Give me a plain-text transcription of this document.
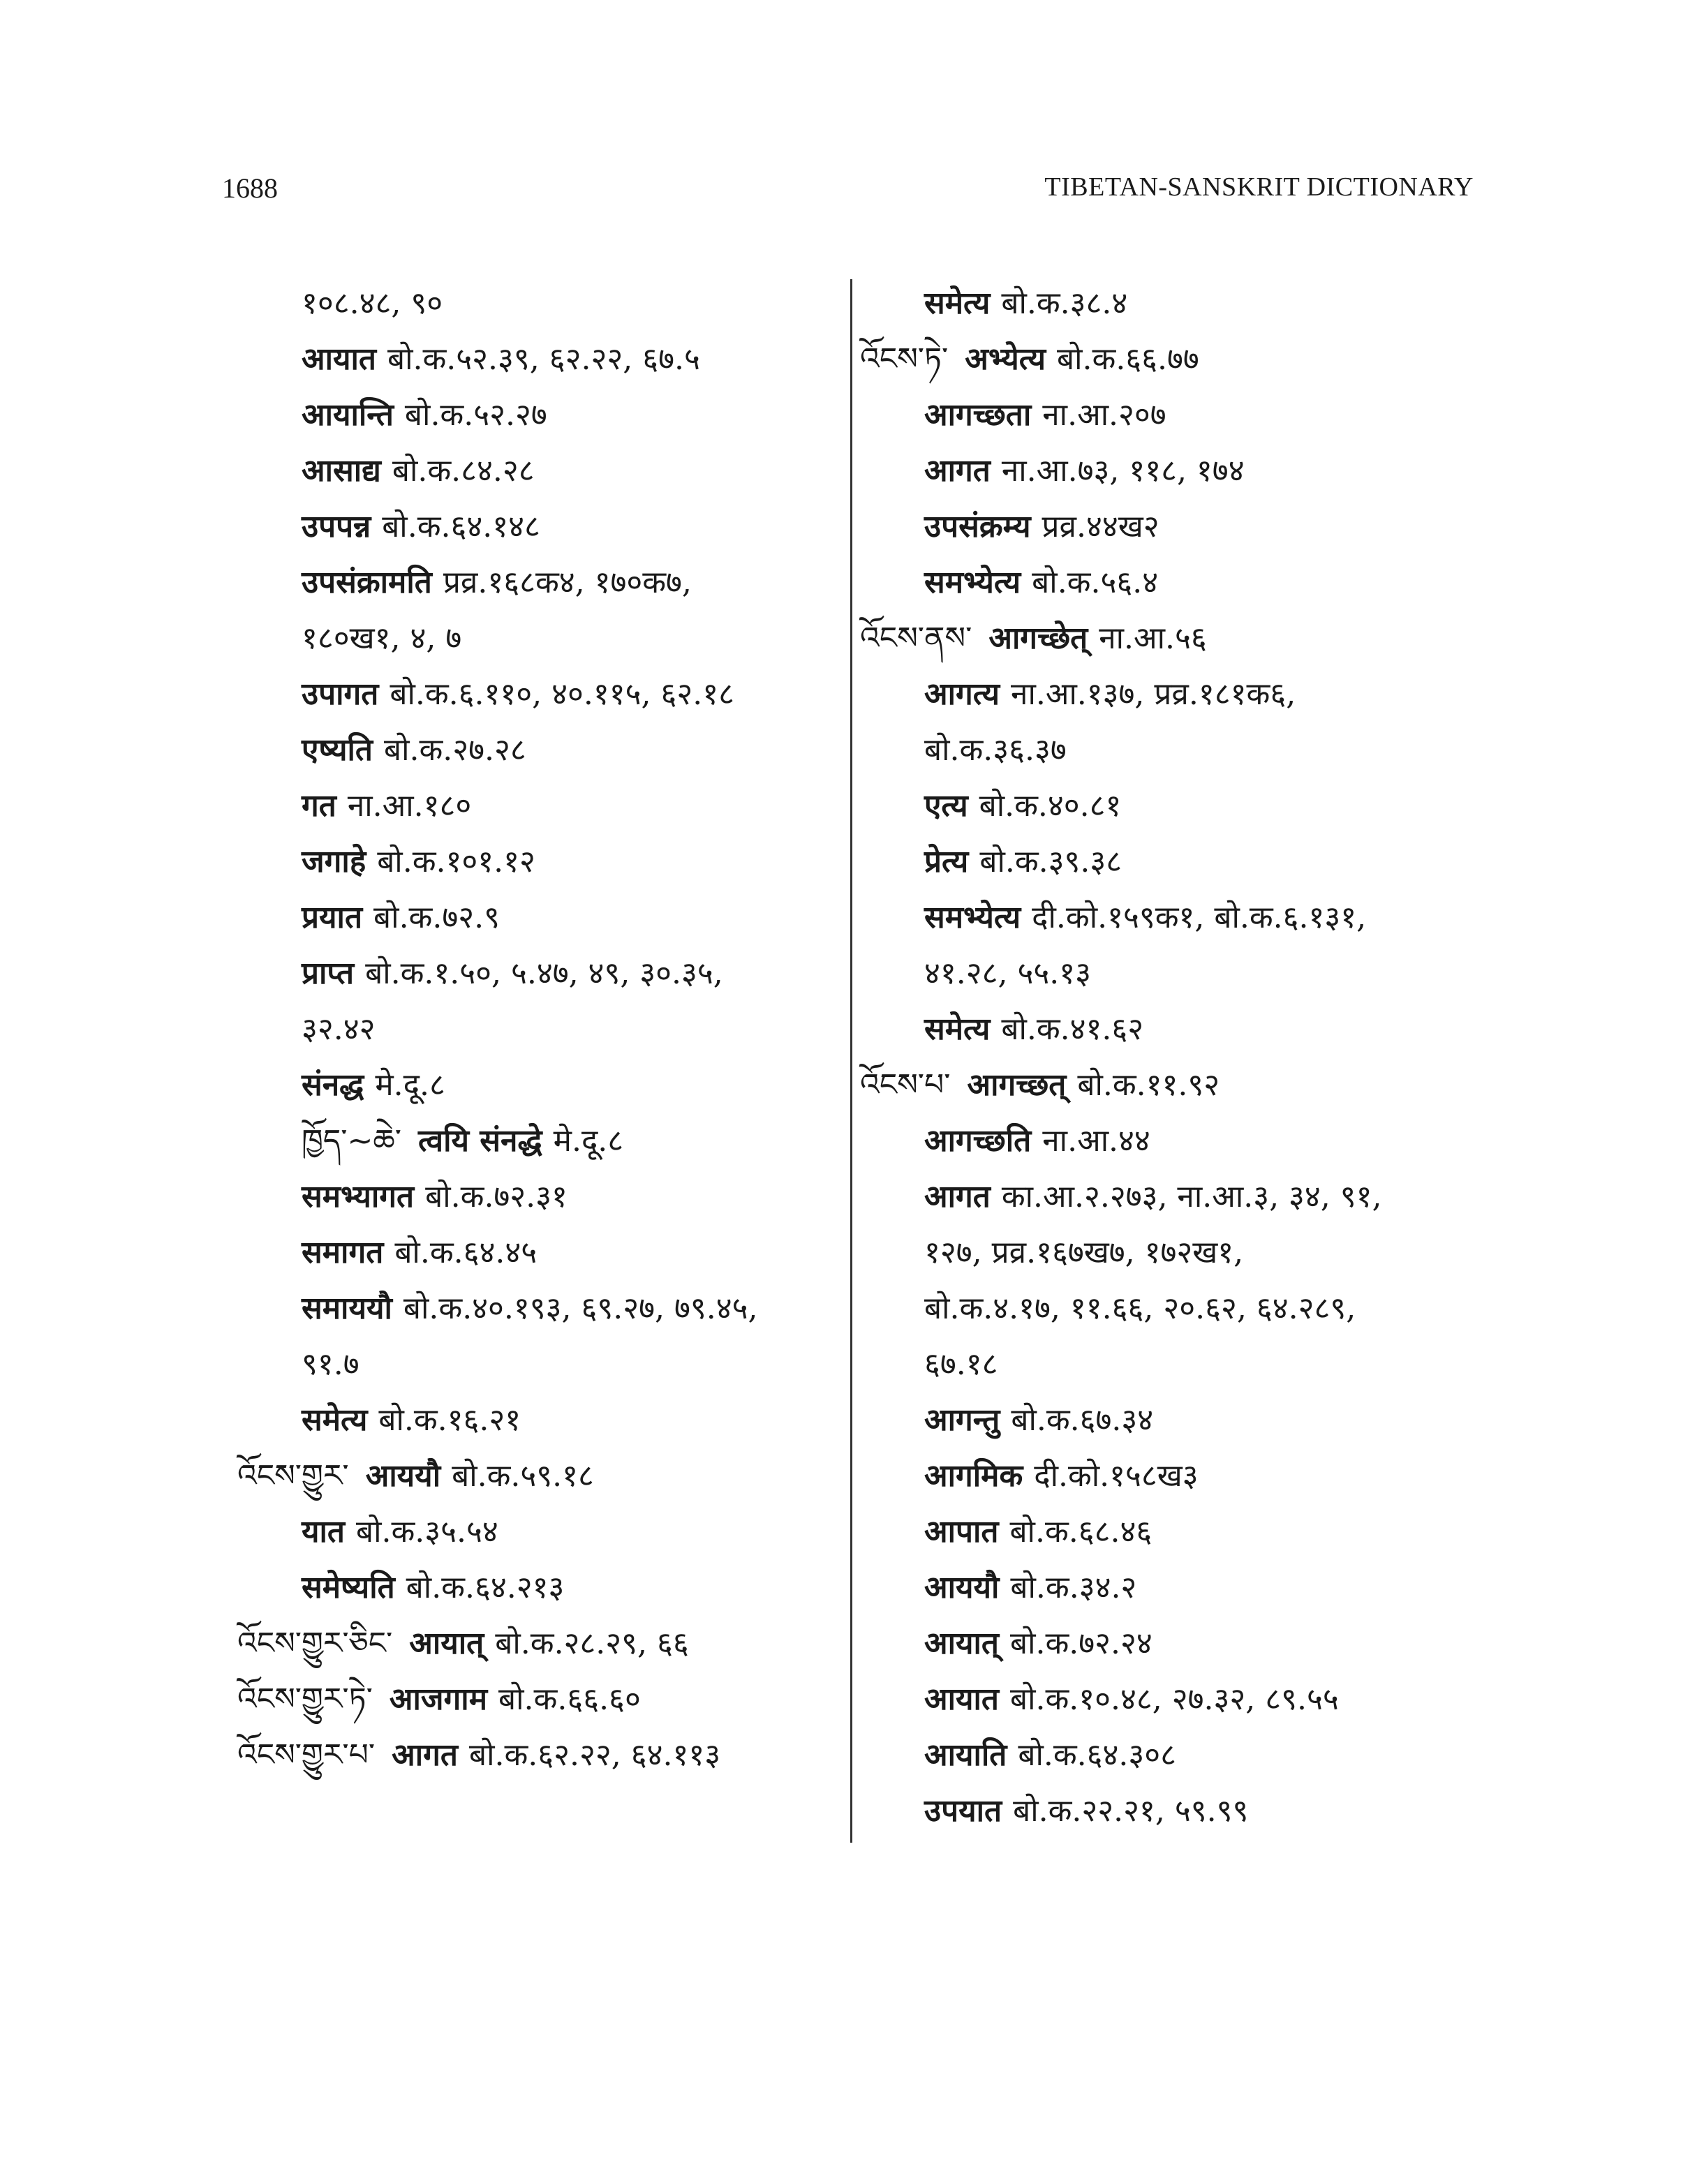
1688	TIBETAN-SANSKRIT DICTIONARY
१०८.४८, ९०
आयात बो.क.५२.३९, ६२.२२, ६७.५
आयान्ति बो.क.५२.२७
आसाद्य बो.क.८४.२८
उपपन्न बो.क.६४.१४८
उपसंक्रामति प्रव्र.१६८क४, १७०क७,
१८०ख१, ४, ७
उपागत बो.क.६.११०, ४०.११५, ६२.१८
एष्यति बो.क.२७.२८
गत ना.आ.१८०
जगाहे बो.क.१०१.१२
प्रयात बो.क.७२.९
प्राप्त बो.क.१.५०, ५.४७, ४९, ३०.३५,
३२.४२
संनद्ध मे.दू.८
ཁྱོད་~ཆེ་ त्वयि संनद्धे मे.दू.८
समभ्यागत बो.क.७२.३१
समागत बो.क.६४.४५
समाययौ बो.क.४०.१९३, ६९.२७, ७९.४५,
९१.७
समेत्य बो.क.१६.२१
འོངས་གྱུར་ आययौ बो.क.५९.१८
यात बो.क.३५.५४
समेष्यति बो.क.६४.२१३
འོངས་གྱུར་ཅིང་ आयात् बो.क.२८.२९, ६६
འོངས་གྱུར་ཏེ་ आजगाम बो.क.६६.६०
འོངས་གྱུར་པ་ आगत बो.क.६२.२२, ६४.११३
समेत्य बो.क.३८.४
འོངས་ཏེ་ अभ्येत्य बो.क.६६.७७
आगच्छता ना.आ.२०७
आगत ना.आ.७३, ११८, १७४
उपसंक्रम्य प्रव्र.४४ख२
समभ्येत्य बो.क.५६.४
འོངས་ནས་ आगच्छेत् ना.आ.५६
आगत्य ना.आ.१३७, प्रव्र.१८१क६,
बो.क.३६.३७
एत्य बो.क.४०.८१
प्रेत्य बो.क.३९.३८
समभ्येत्य दी.को.१५९क१, बो.क.६.१३१,
४१.२८, ५५.१३
समेत्य बो.क.४१.६२
འོངས་པ་ आगच्छत् बो.क.११.९२
आगच्छति ना.आ.४४
आगत का.आ.२.२७३, ना.आ.३, ३४, ९१,
१२७, प्रव्र.१६७ख७, १७२ख१,
बो.क.४.१७, ११.६६, २०.६२, ६४.२८९,
६७.१८
आगन्तु बो.क.६७.३४
आगमिक दी.को.१५८ख३
आपात बो.क.६८.४६
आययौ बो.क.३४.२
आयात् बो.क.७२.२४
आयात बो.क.१०.४८, २७.३२, ८९.५५
आयाति बो.क.६४.३०८
उपयात बो.क.२२.२१, ५९.९९
